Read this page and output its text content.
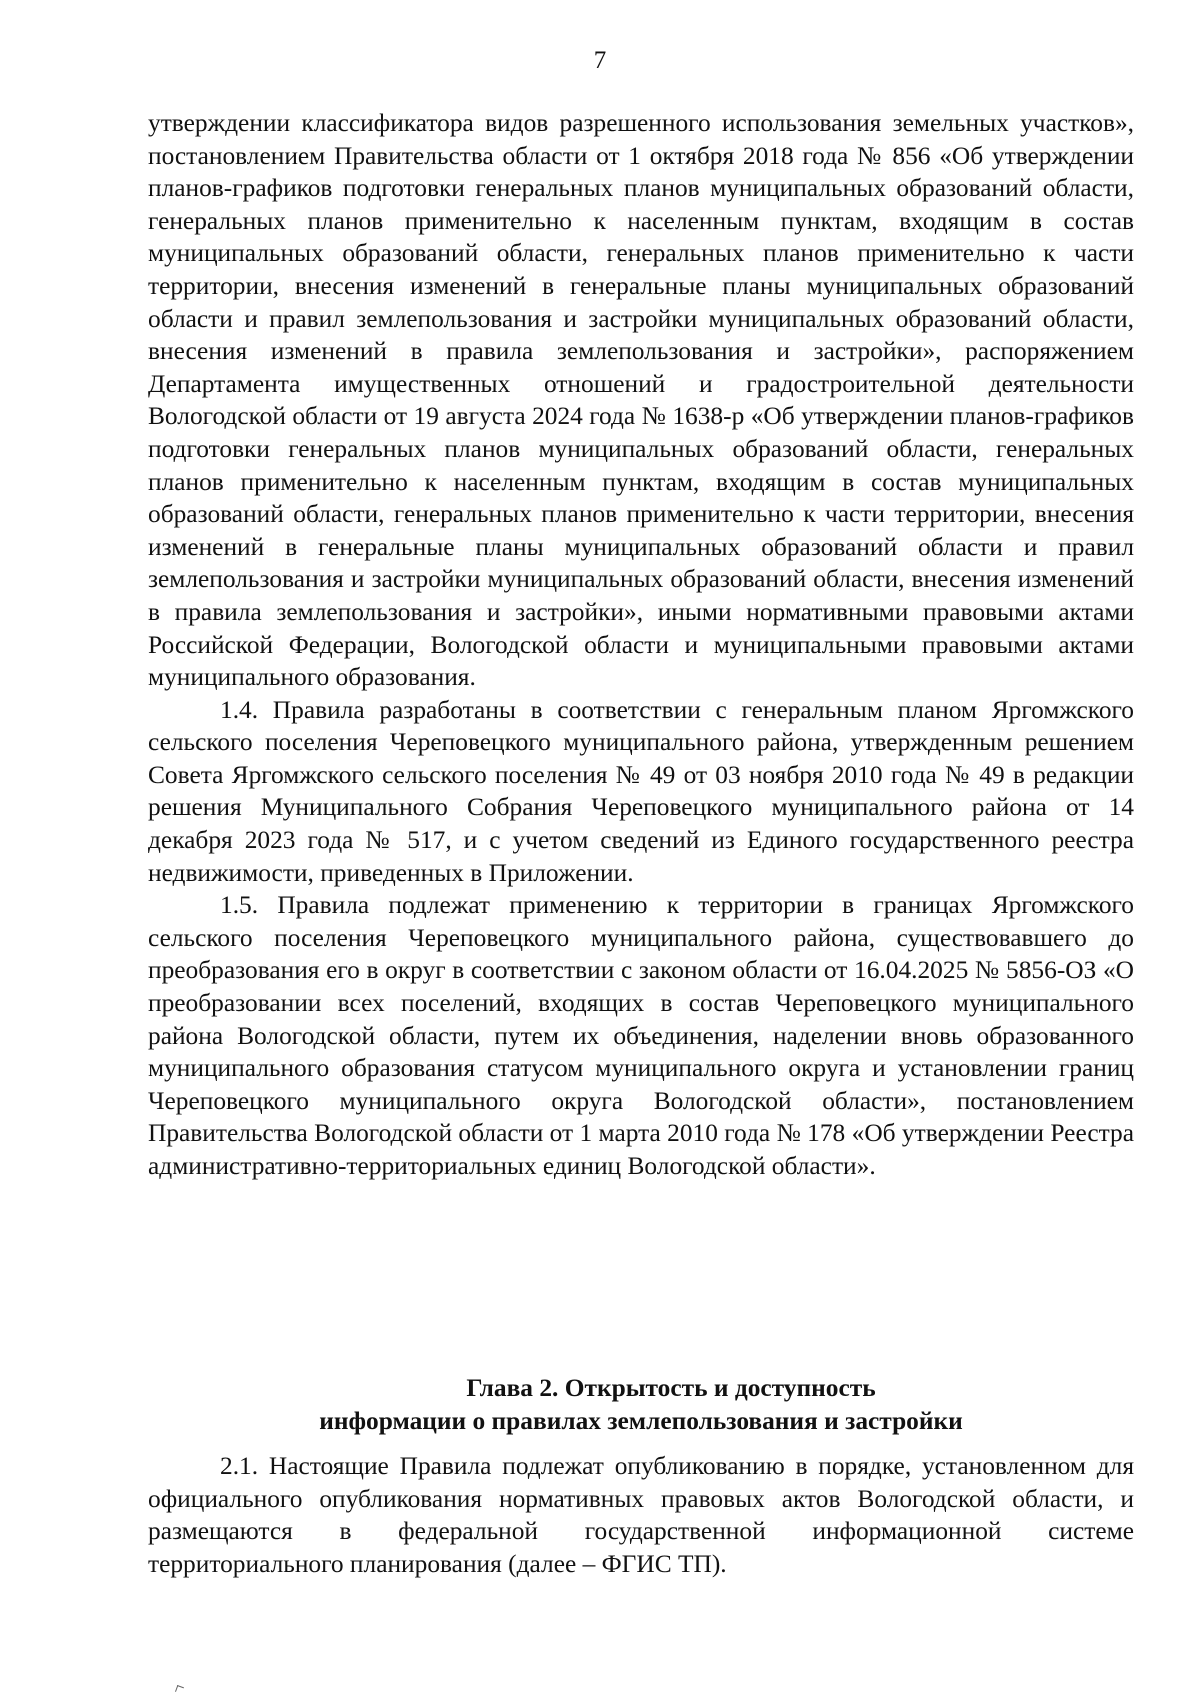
7

утверждении классификатора видов разрешенного использования земельных участков», постановлением Правительства области от 1 октября 2018 года № 856 «Об утверждении планов-графиков подготовки генеральных планов муниципальных образований области, генеральных планов применительно к населенным пунктам, входящим в состав муниципальных образований области, генеральных планов применительно к части территории, внесения изменений в генеральные планы муниципальных образований области и правил землепользования и застройки муниципальных образований области, внесения изменений в правила землепользования и застройки», распоряжением Департамента имущественных отношений и градостроительной деятельности Вологодской области от 19 августа 2024 года № 1638-р «Об утверждении планов-графиков подготовки генеральных планов муниципальных образований области, генеральных планов применительно к населенным пунктам, входящим в состав муниципальных образований области, генеральных планов применительно к части территории, внесения изменений в генеральные планы муниципальных образований области и правил землепользования и застройки муниципальных образований области, внесения изменений в правила землепользования и застройки», иными нормативными правовыми актами Российской Федерации, Вологодской области и муниципальными правовыми актами муниципального образования.

1.4. Правила разработаны в соответствии с генеральным планом Яргомжского сельского поселения Череповецкого муниципального района, утвержденным решением Совета Яргомжского сельского поселения № 49 от 03 ноября 2010 года № 49 в редакции решения Муниципального Собрания Череповецкого муниципального района от 14 декабря 2023 года № 517, и с учетом сведений из Единого государственного реестра недвижимости, приведенных в Приложении.

1.5. Правила подлежат применению к территории в границах Яргомжского сельского поселения Череповецкого муниципального района, существовавшего до преобразования его в округ в соответствии с законом области от 16.04.2025 № 5856-ОЗ «О преобразовании всех поселений, входящих в состав Череповецкого муниципального района Вологодской области, путем их объединения, наделении вновь образованного муниципального образования статусом муниципального округа и установлении границ Череповецкого муниципального округа Вологодской области», постановлением Правительства Вологодской области от 1 марта 2010 года № 178 «Об утверждении Реестра административно-территориальных единиц Вологодской области».

Глава 2. Открытость и доступность
информации о правилах землепользования и застройки

2.1. Настоящие Правила подлежат опубликованию в порядке, установленном для официального опубликования нормативных правовых актов Вологодской области, и размещаются в федеральной государственной информационной системе территориального планирования (далее – ФГИС ТП).
